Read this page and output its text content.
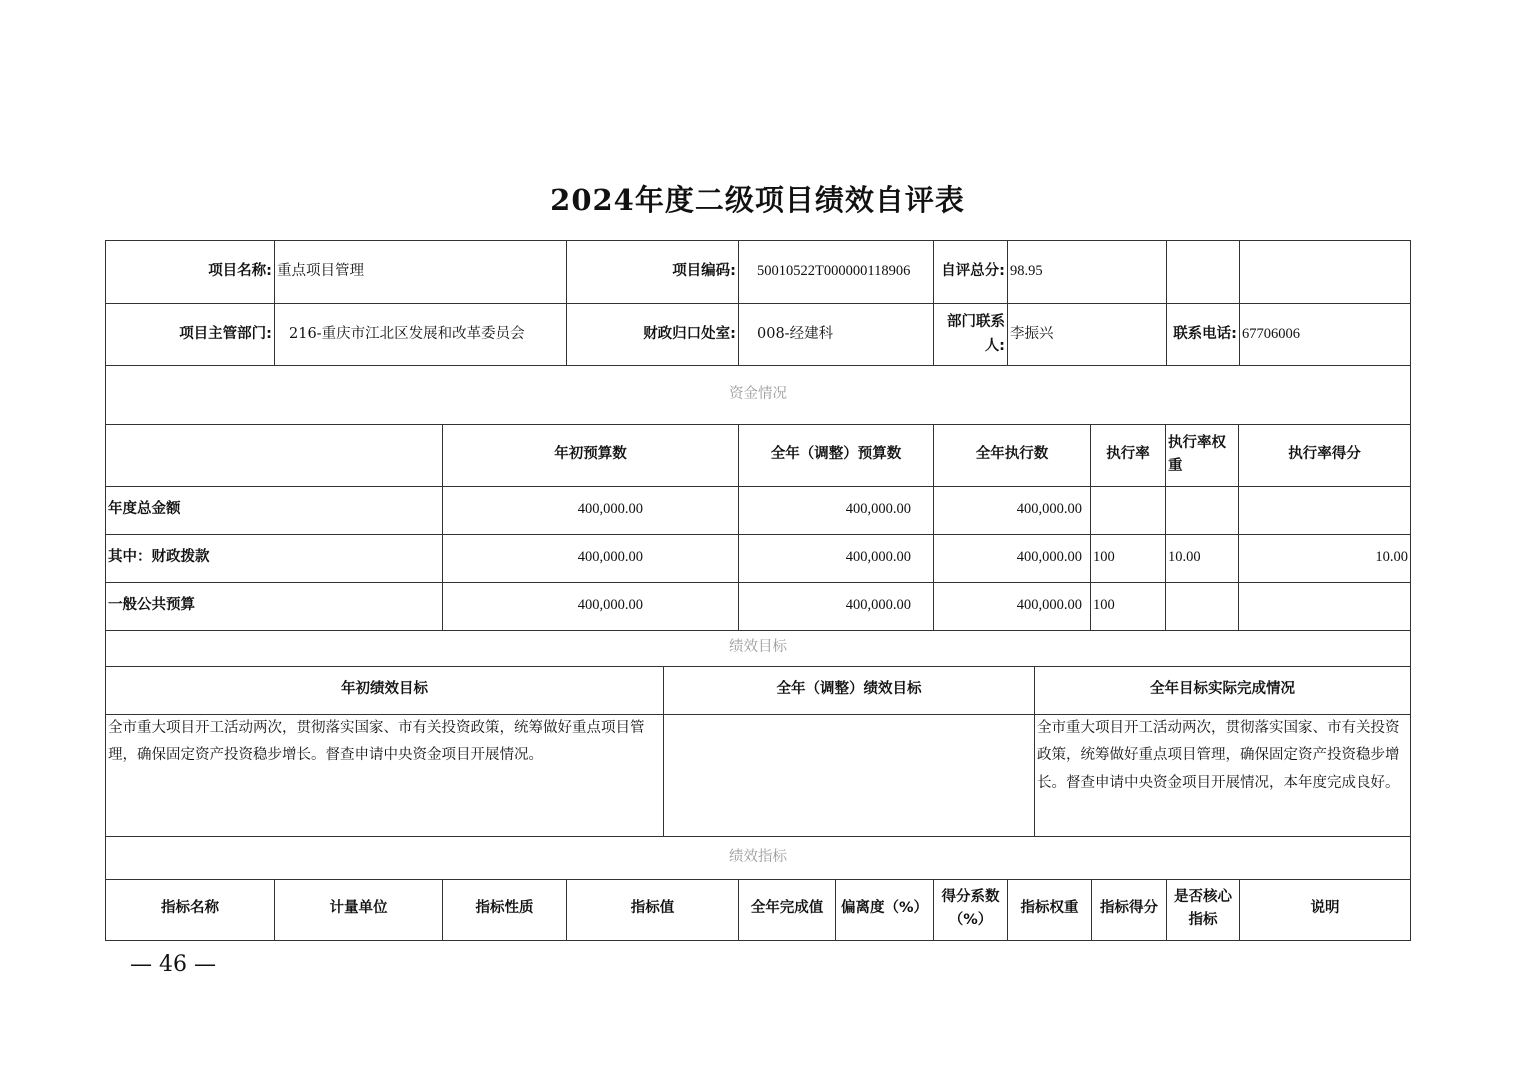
2024年度二级项目绩效自评表
项目名称:	重点项目管理	项目编码:	50010522T000000118906	自评总分:	98.95		
项目主管部门:	216-重庆市江北区发展和改革委员会	财政归口处室:	008-经建科	部门联系人:	李振兴	联系电话:	67706006
资金情况							
	年初预算数	全年（调整）预算数	全年执行数	执行率	执行率权重	执行率得分
年度总金额	400,000.00	400,000.00	400,000.00			
其中：财政拨款	400,000.00	400,000.00	400,000.00	100	10.00	10.00
一般公共预算	400,000.00	400,000.00	400,000.00	100		
绩效目标		
年初绩效目标	全年（调整）绩效目标	全年目标实际完成情况
全市重大项目开工活动两次，贯彻落实国家、市有关投资政策，统筹做好重点项目管理，确保固定资产投资稳步增长。督查申请中央资金项目开展情况。		全市重大项目开工活动两次，贯彻落实国家、市有关投资政策，统筹做好重点项目管理，确保固定资产投资稳步增长。督查申请中央资金项目开展情况，本年度完成良好。
绩效指标		
指标名称	计量单位	指标性质	指标值	全年完成值	偏离度（%）	得分系数（%）	指标权重	指标得分	是否核心指标	说明
— 46 —
